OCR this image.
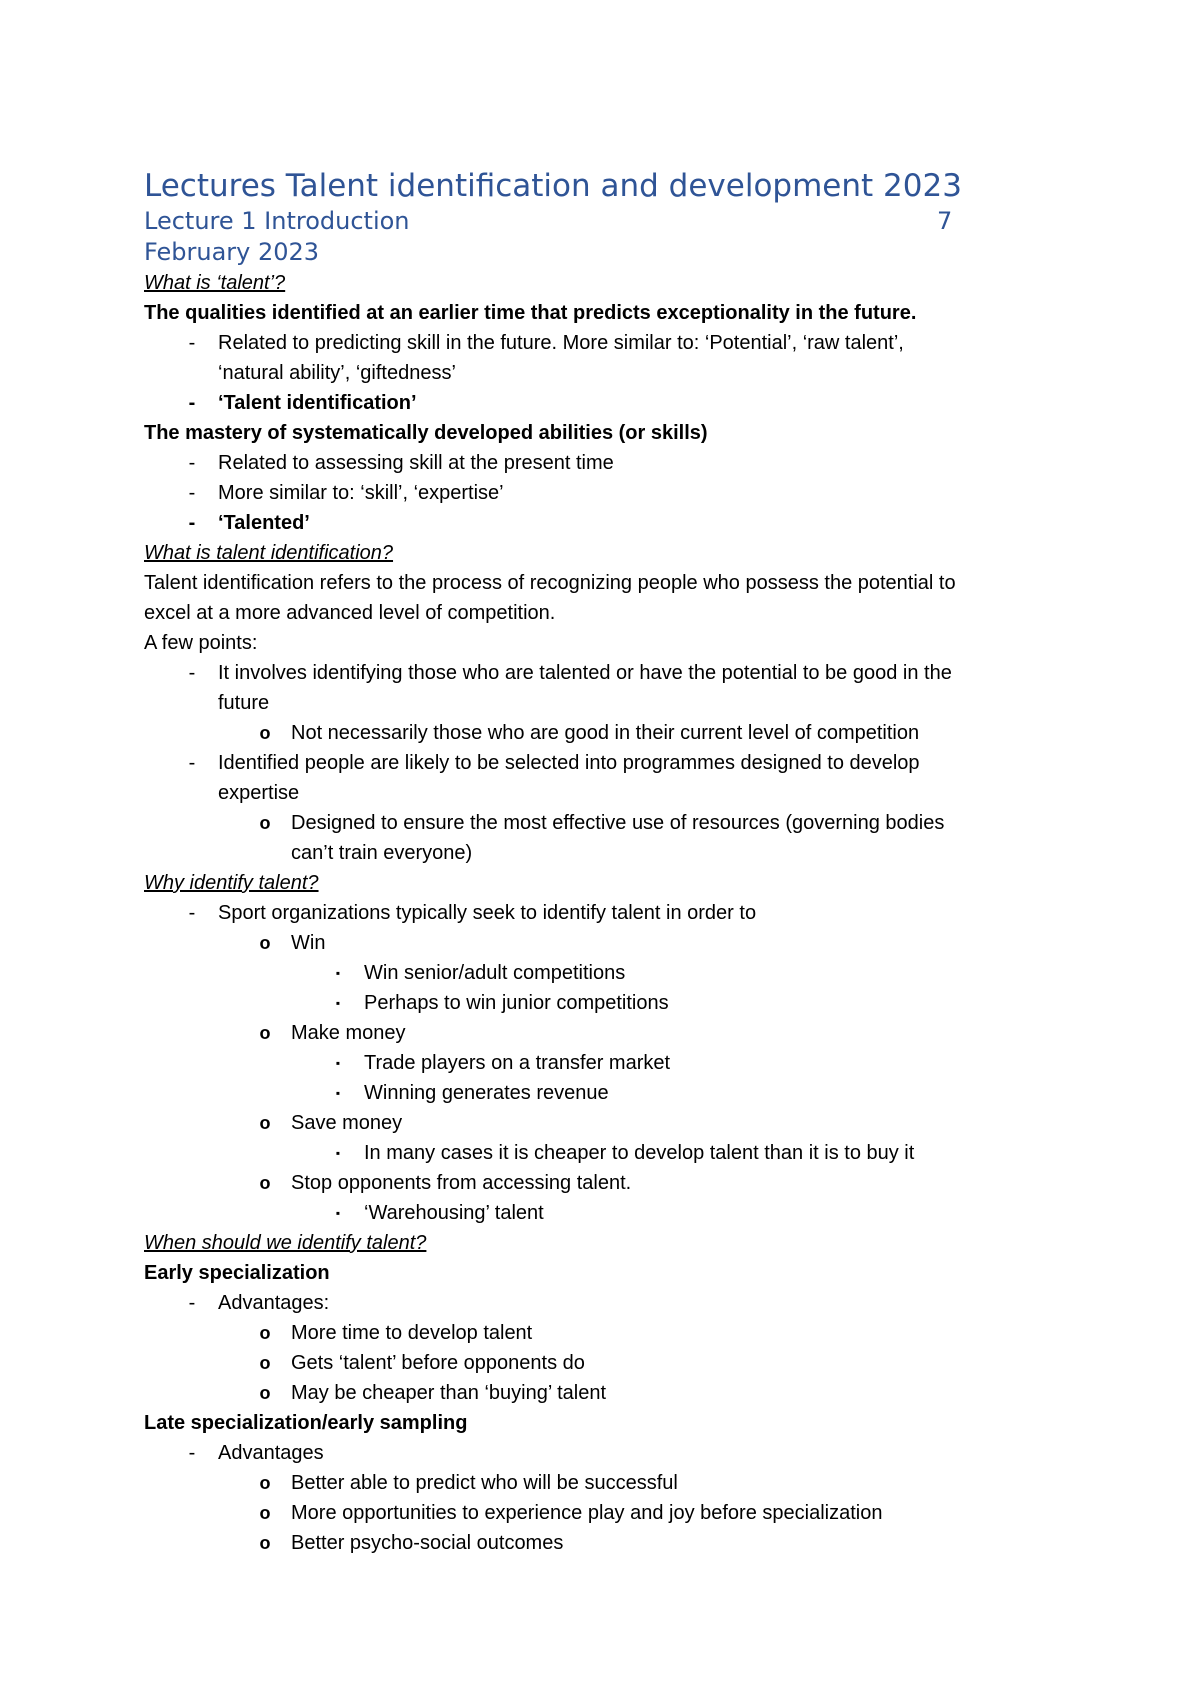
Lectures Talent identification and development 2023
Lecture 1 Introduction	7
February 2023

What is ‘talent’?

The qualities identified at an earlier time that predicts exceptionality in the future.

-	Related to predicting skill in the future. More similar to: ‘Potential’, ‘raw talent’,

‘natural ability’, ‘giftedness’

-	‘Talent identification’

The mastery of systematically developed abilities (or skills)

-	Related to assessing skill at the present time
-	More similar to: ‘skill’, ‘expertise’
-	‘Talented’

What is talent identification?

Talent identification refers to the process of recognizing people who possess the potential to

excel at a more advanced level of competition.

A few points:

-	It involves identifying those who are talented or have the potential to be good in the

future

o Not necessarily those who are good in their current level of competition
-	Identified people are likely to be selected into programmes designed to develop

expertise

o Designed to ensure the most effective use of resources (governing bodies

can’t train everyone)

Why identify talent?

-	Sport organizations typically seek to identify talent in order to
o Win
▪	Win senior/adult competitions
▪	Perhaps to win junior competitions
o Make money
▪	Trade players on a transfer market
▪	Winning generates revenue
o Save money
▪	In many cases it is cheaper to develop talent than it is to buy it
o Stop opponents from accessing talent.
▪	‘Warehousing’ talent

When should we identify talent?

Early specialization

-	Advantages:
o More time to develop talent
o Gets ‘talent’ before opponents do
o May be cheaper than ‘buying’ talent

Late specialization/early sampling

-	Advantages
o Better able to predict who will be successful
o More opportunities to experience play and joy before specialization
o Better psycho-social outcomes
